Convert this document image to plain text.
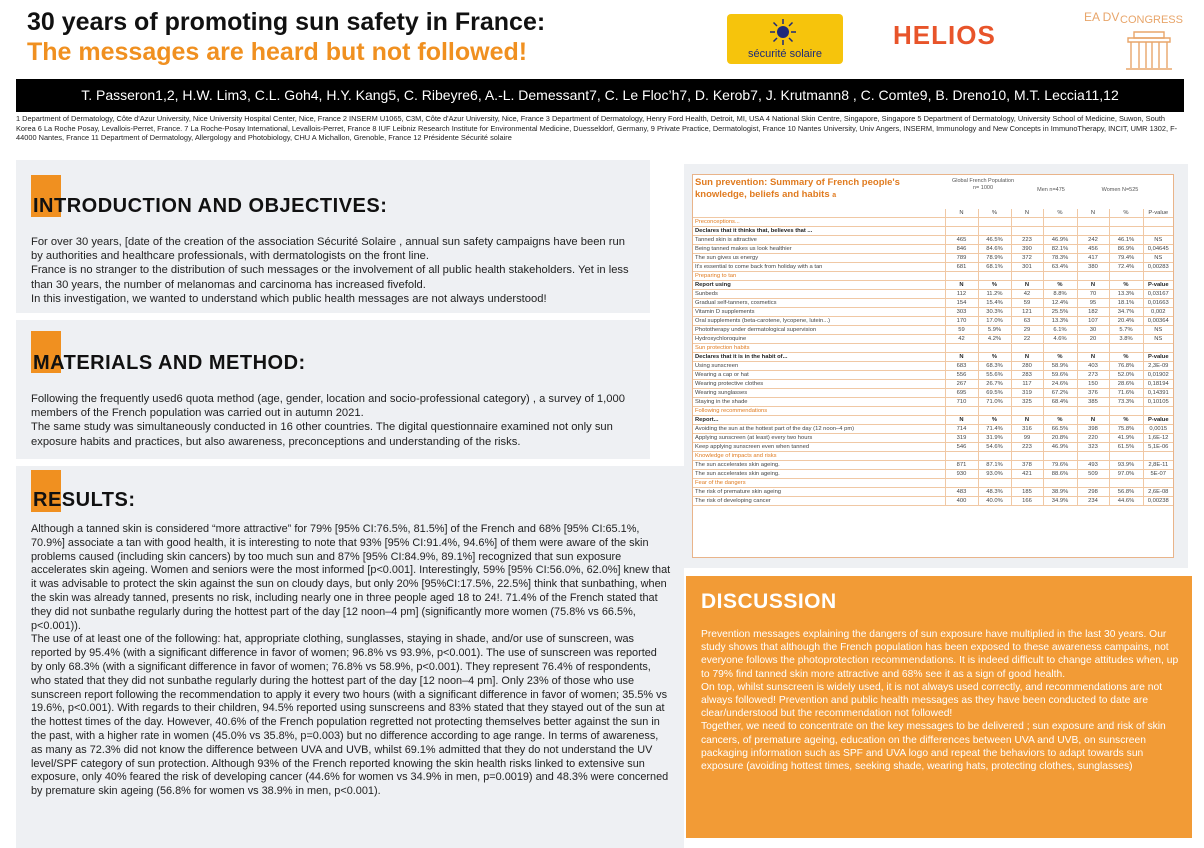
30 years of promoting sun safety in France:
The messages are heard but not followed!	sécurité solaire
HELIOS
EA DV CONGRESS
T. Passeron1,2, H.W. Lim3, C.L. Goh4, H.Y. Kang5, C. Ribeyre6, A.-L. Demessant7, C. Le Floc’h7, D. Kerob7, J. Krutmann8 , C. Comte9, B. Dreno10, M.T. Leccia11,12
1 Department of Dermatology, Côte d'Azur University, Nice University Hospital Center, Nice, France 2 INSERM U1065, C3M, Côte d'Azur University, Nice, France 3 Department of Dermatology, Henry Ford Health, Detroit, MI, USA 4 National Skin Centre, Singapore, Singapore 5 Department of Dermatology, University School of Medicine, Suwon, South Korea 6 La Roche Posay, Levallois-Perret, France. 7 La Roche-Posay International, Levallois-Perret, France 8 IUF Leibniz Research Institute for Environmental Medicine, Duesseldorf, Germany, 9 Private Practice, Dermatologist, France 10 Nantes University, Univ Angers, INSERM, Immunology and New Concepts in ImmunoTherapy, INCIT, UMR 1302, F-44000 Nantes, France 11 Department of Dermatology, Allergology and Photobiology, CHU A Michallon, Grenoble, France 12 Présidente Sécurité solaire
INTRODUCTION AND OBJECTIVES:

For over 30 years, [date of the creation of the association Sécurité Solaire , annual sun safety campaigns have been run by authorities and healthcare professionals, with dermatologists on the front line.

France is no stranger to the distribution of such messages or the involvement of all public health stakeholders. Yet in less than 30 years, the number of melanomas and carcinoma has increased fivefold.

In this investigation, we wanted to understand which public health messages are not always understood!

MATERIALS AND METHOD:

Following the frequently used6 quota method (age, gender, location and socio-professional category) , a survey of 1,000 members of the French population was carried out in autumn 2021.

The same study was simultaneously conducted in 16 other countries. The digital questionnaire examined not only sun exposure habits and practices, but also awareness, preconceptions and understanding of the risks.

RESULTS:

Although a tanned skin is considered “more attractive” for 79% [95% CI:76.5%, 81.5%] of the French and 68% [95% CI:65.1%, 70.9%] associate a tan with good health, it is interesting to note that 93% [95% CI:91.4%, 94.6%] of them were aware of the skin problems caused (including skin cancers) by too much sun and 87% [95% CI:84.9%, 89.1%] recognized that sun exposure accelerates skin ageing. Women and seniors were the most informed [p<0.001]. Interestingly, 59% [95% CI:56.0%, 62.0%] knew that it was advisable to protect the skin against the sun on cloudy days, but only 20% [95%CI:17.5%, 22.5%] think that sunbathing, when the skin was already tanned, presents no risk, including nearly one in three people aged 18 to 24!. 71.4% of the French stated that they did not sunbathe regularly during the hottest part of the day [12 noon–4 pm] (significantly more women (75.8% vs 66.5%, p<0.001)).

The use of at least one of the following: hat, appropriate clothing, sunglasses, staying in shade, and/or use of sunscreen, was reported by 95.4% (with a significant difference in favor of women; 96.8% vs 93.9%, p<0.001). The use of sunscreen was reported by only 68.3% (with a significant difference in favor of women; 76.8% vs 58.9%, p<0.001). They represent 76.4% of respondents, who stated that they did not sunbathe regularly during the hottest part of the day [12 noon–4 pm]. Only 23% of those who use sunscreen report following the recommendation to apply it every two hours (with a significant difference in favor of women; 35.5% vs 19.6%, p<0.001). With regards to their children, 94.5% reported using sunscreens and 83% stated that they stayed out of the sun at the hottest times of the day. However, 40.6% of the French population regretted not protecting themselves better against the sun in the past, with a higher rate in women (45.0% vs 35.8%, p=0.003) but no difference according to age range. In terms of awareness, as many as 72.3% did not know the difference between UVA and UVB, whilst 69.1% admitted that they do not understand the UV level/SPF category of sun protection. Although 93% of the French reported knowing the skin health risks linked to extensive sun exposure, only 40% feared the risk of developing cancer (44.6% for women vs 34.9% in men, p=0.0019) and 48.3% were concerned by premature skin ageing (56.8% for women vs 38.9% in men, p<0.001).

Sun prevention: Summary of French people's knowledge, beliefs and habits a
Global French Population n= 1000	Men n=475	Women N=525
	N	%	N	%	N	%	P-value
Preconceptions...							
Declares that it thinks that, believes that ...							
Tanned skin is attractive	465	46.5%	223	46.9%	242	46.1%	NS
Being tanned makes us look healthier	846	84.6%	390	82.1%	456	86.9%	0,04645
The sun gives us energy	789	78.9%	372	78.3%	417	79.4%	NS
It's essential to come back from holiday with a tan	681	68.1%	301	63.4%	380	72.4%	0,00283
Preparing to tan							
Report using	N	%	N	%	N	%	P-value
Sunbeds	112	11.2%	42	8.8%	70	13.3%	0,03167
Gradual self-tanners, cosmetics	154	15.4%	59	12.4%	95	18.1%	0,01663
Vitamin D supplements	303	30.3%	121	25.5%	182	34.7%	0,002
Oral supplements (beta-carotene, lycopene, lutein...)	170	17.0%	63	13.3%	107	20.4%	0,00364
Phototherapy under dermatological supervision	59	5.9%	29	6.1%	30	5.7%	NS
Hydroxychloroquine	42	4.2%	22	4.6%	20	3.8%	NS
Sun protection habits							
Declares that it is in the habit of...	N	%	N	%	N	%	P-value
Using sunscreen	683	68.3%	280	58.9%	403	76.8%	2,3E-09
Wearing a cap or hat	556	55.6%	283	59.6%	273	52.0%	0,01902
Wearing protective clothes	267	26.7%	117	24.6%	150	28.6%	0,18194
Wearing sunglasses	695	69.5%	319	67.2%	376	71.6%	0,14391
Staying in the shade	710	71.0%	325	68.4%	385	73.3%	0,10105
Following recommendations							
Report...	N	%	N	%	N	%	P-value
Avoiding the sun at the hottest part of the day (12 noon–4 pm)	714	71.4%	316	66.5%	398	75.8%	0,0015
Applying sunscreen (at least) every two hours	319	31.9%	99	20.8%	220	41.9%	1,6E-12
Keep applying sunscreen even when tanned	546	54.6%	223	46.9%	323	61.5%	5,1E-06
Knowledge of impacts and risks							
The sun accelerates skin ageing.	871	87.1%	378	79.6%	493	93.9%	2,8E-11
The sun accelerates skin ageing.	930	93.0%	421	88.6%	509	97.0%	5E-07
Fear of the dangers							
The risk of premature skin ageing	483	48.3%	185	38.9%	298	56.8%	2,6E-08
The risk of developing cancer	400	40.0%	166	34.9%	234	44.6%	0,00238
DISCUSSION

Prevention messages explaining the dangers of sun exposure have multiplied in the last 30 years. Our study shows that although the French population has been exposed to these awareness campains, not everyone follows the photoprotection recommendations. It is indeed difficult to change attitudes when, up to 79% find tanned skin more attractive and 68% see it as a sign of good health.

On top, whilst sunscreen is widely used, it is not always used correctly, and recommendations are not always followed! Prevention and public health messages as they have been conducted to date are clear/understood but the recommendation not followed!

Together, we need to concentrate on the key messages to be delivered ; sun exposure and risk of skin cancers, of premature ageing, education on the differences between UVA and UVB, on sunscreen packaging information such as SPF and UVA logo and repeat the behaviors to adapt towards sun exposure (avoiding hottest times, seeking shade, wearing hats, protecting clothes, sunglasses)
